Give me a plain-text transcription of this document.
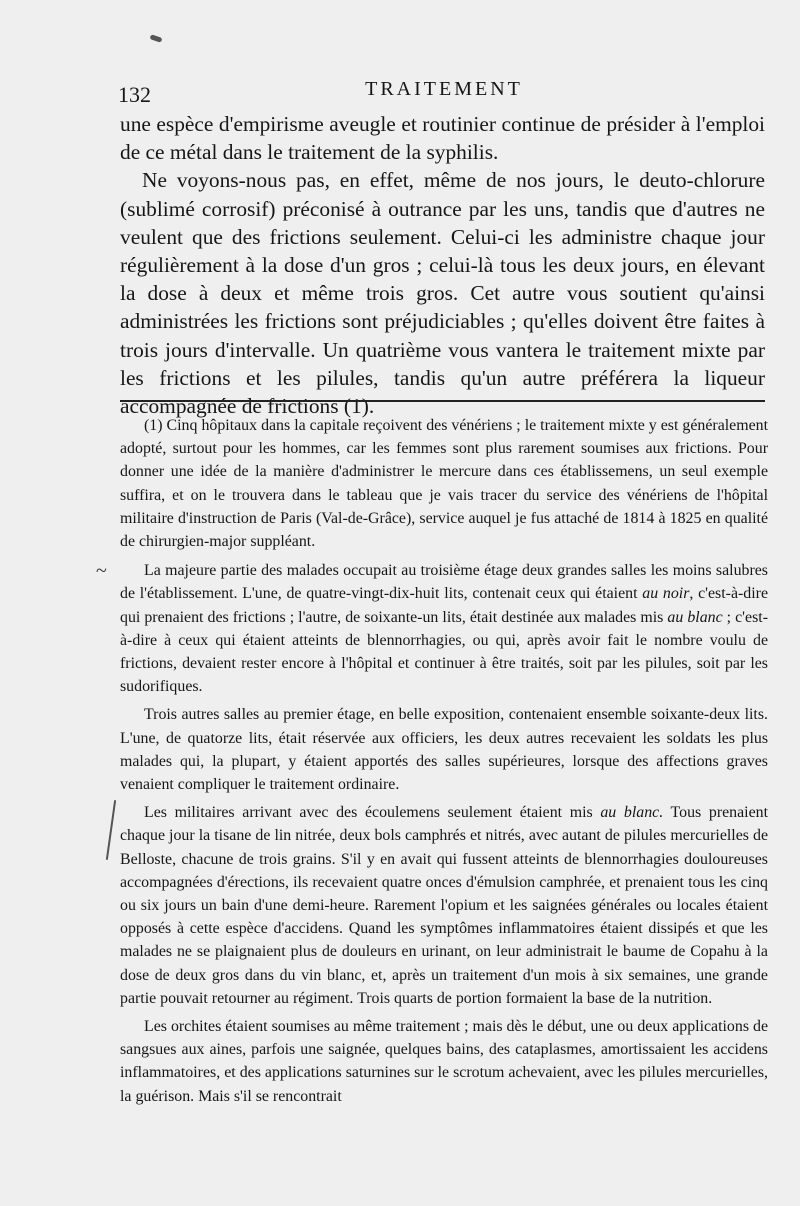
132	TRAITEMENT

une espèce d'empirisme aveugle et routinier continue de présider à l'emploi de ce métal dans le traitement de la syphilis.

Ne voyons-nous pas, en effet, même de nos jours, le deuto-chlorure (sublimé corrosif) préconisé à outrance par les uns, tandis que d'autres ne veulent que des frictions seulement. Celui-ci les administre chaque jour régulièrement à la dose d'un gros ; celui-là tous les deux jours, en élevant la dose à deux et même trois gros. Cet autre vous soutient qu'ainsi administrées les frictions sont préjudiciables ; qu'elles doivent être faites à trois jours d'intervalle. Un quatrième vous vantera le traitement mixte par les frictions et les pilules, tandis qu'un autre préférera la liqueur accompagnée de frictions (1).

(1) Cinq hôpitaux dans la capitale reçoivent des vénériens ; le traitement mixte y est généralement adopté, surtout pour les hommes, car les femmes sont plus rarement soumises aux frictions. Pour donner une idée de la manière d'administrer le mercure dans ces établissemens, un seul exemple suffira, et on le trouvera dans le tableau que je vais tracer du service des vénériens de l'hôpital militaire d'instruction de Paris (Val-de-Grâce), service auquel je fus attaché de 1814 à 1825 en qualité de chirurgien-major suppléant.

La majeure partie des malades occupait au troisième étage deux grandes salles les moins salubres de l'établissement. L'une, de quatre-vingt-dix-huit lits, contenait ceux qui étaient au noir, c'est-à-dire qui prenaient des frictions ; l'autre, de soixante-un lits, était destinée aux malades mis au blanc ; c'est-à-dire à ceux qui étaient atteints de blennorrhagies, ou qui, après avoir fait le nombre voulu de frictions, devaient rester encore à l'hôpital et continuer à être traités, soit par les pilules, soit par les sudorifiques.

Trois autres salles au premier étage, en belle exposition, contenaient ensemble soixante-deux lits. L'une, de quatorze lits, était réservée aux officiers, les deux autres recevaient les soldats les plus malades qui, la plupart, y étaient apportés des salles supérieures, lorsque des affections graves venaient compliquer le traitement ordinaire.

Les militaires arrivant avec des écoulemens seulement étaient mis au blanc. Tous prenaient chaque jour la tisane de lin nitrée, deux bols camphrés et nitrés, avec autant de pilules mercurielles de Belloste, chacune de trois grains. S'il y en avait qui fussent atteints de blennorrhagies douloureuses accompagnées d'érections, ils recevaient quatre onces d'émulsion camphrée, et prenaient tous les cinq ou six jours un bain d'une demi-heure. Rarement l'opium et les saignées générales ou locales étaient opposés à cette espèce d'accidens. Quand les symptômes inflammatoires étaient dissipés et que les malades ne se plaignaient plus de douleurs en urinant, on leur administrait le baume de Copahu à la dose de deux gros dans du vin blanc, et, après un traitement d'un mois à six semaines, une grande partie pouvait retourner au régiment. Trois quarts de portion formaient la base de la nutrition.

Les orchites étaient soumises au même traitement ; mais dès le début, une ou deux applications de sangsues aux aines, parfois une saignée, quelques bains, des cataplasmes, amortissaient les accidens inflammatoires, et des applications saturnines sur le scrotum achevaient, avec les pilules mercurielles, la guérison. Mais s'il se rencontrait

~
